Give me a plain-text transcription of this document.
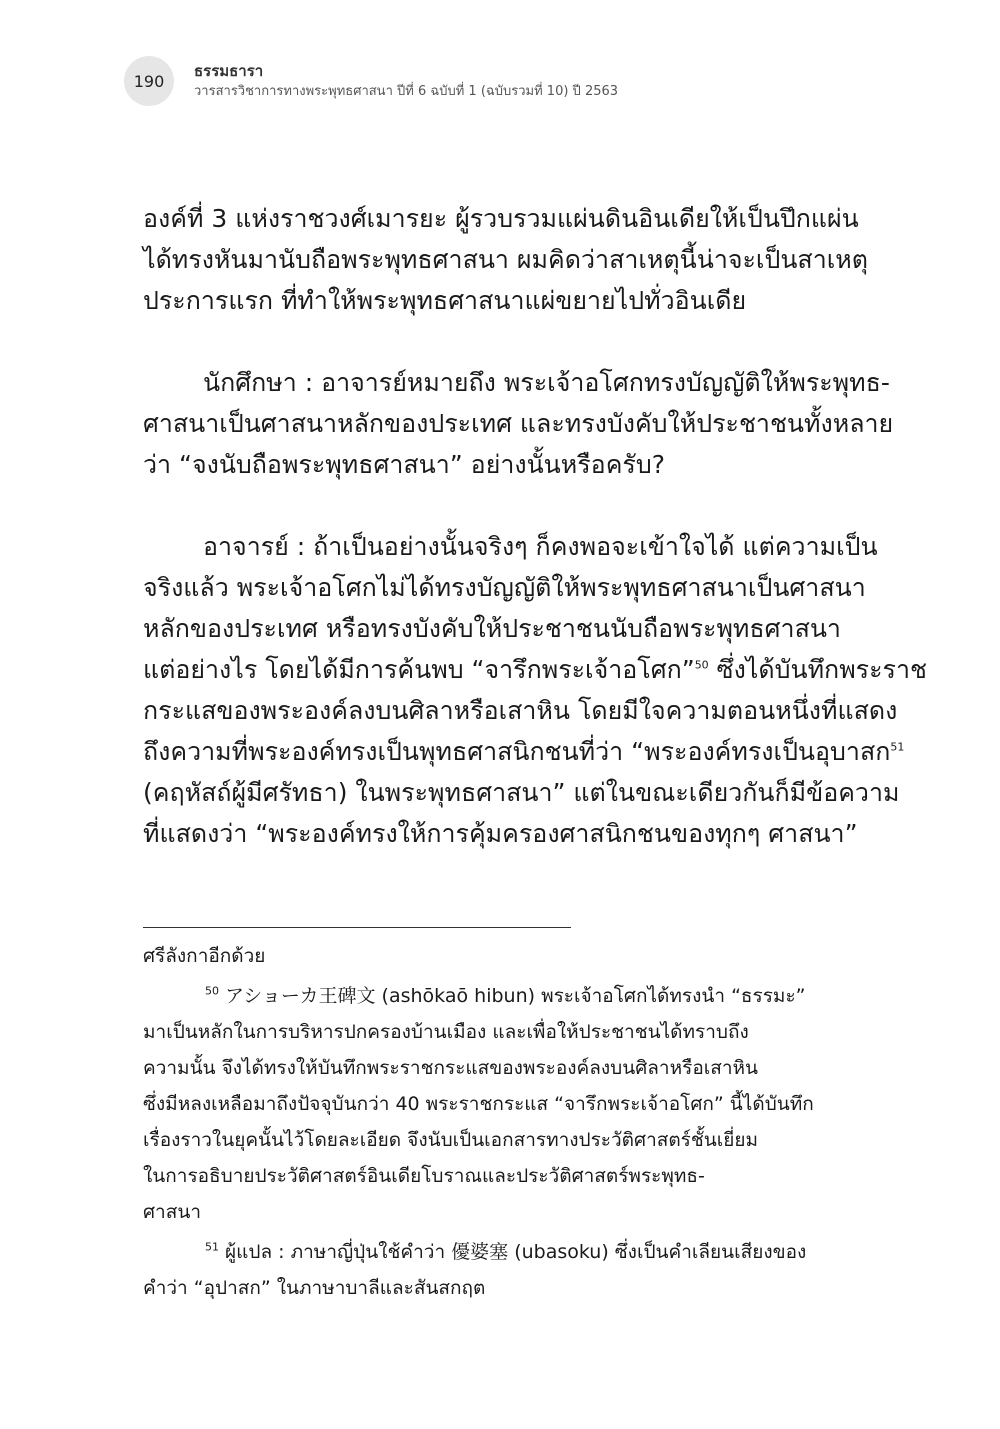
190
ธรรมธารา
วารสารวิชาการทางพระพุทธศาสนา ปีที่ 6 ฉบับที่ 1 (ฉบับรวมที่ 10) ปี 2563

องค์ที่ 3 แห่งราชวงศ์เมารยะ ผู้รวบรวมแผ่นดินอินเดียให้เป็นปึกแผ่น
ได้ทรงหันมานับถือพระพุทธศาสนา ผมคิดว่าสาเหตุนี้น่าจะเป็นสาเหตุ
ประการแรก ที่ทำให้พระพุทธศาสนาแผ่ขยายไปทั่วอินเดีย

นักศึกษา : อาจารย์หมายถึง พระเจ้าอโศกทรงบัญญัติให้พระพุทธ-
ศาสนาเป็นศาสนาหลักของประเทศ และทรงบังคับให้ประชาชนทั้งหลาย
ว่า “จงนับถือพระพุทธศาสนา” อย่างนั้นหรือครับ?

อาจารย์ : ถ้าเป็นอย่างนั้นจริงๆ ก็คงพอจะเข้าใจได้ แต่ความเป็น
จริงแล้ว พระเจ้าอโศกไม่ได้ทรงบัญญัติให้พระพุทธศาสนาเป็นศาสนา
หลักของประเทศ หรือทรงบังคับให้ประชาชนนับถือพระพุทธศาสนา
แต่อย่างไร โดยได้มีการค้นพบ “จารึกพระเจ้าอโศก”$^{50}$ ซึ่งได้บันทึกพระราช
กระแสของพระองค์ลงบนศิลาหรือเสาหิน โดยมีใจความตอนหนึ่งที่แสดง
ถึงความที่พระองค์ทรงเป็นพุทธศาสนิกชนที่ว่า “พระองค์ทรงเป็นอุบาสก$^{51}$
(คฤหัสถ์ผู้มีศรัทธา) ในพระพุทธศาสนา” แต่ในขณะเดียวกันก็มีข้อความ
ที่แสดงว่า “พระองค์ทรงให้การคุ้มครองศาสนิกชนของทุกๆ ศาสนา”

ศรีลังกาอีกด้วย

$^{50}$ アショーカ王碑文 (ashōkaō hibun) พระเจ้าอโศกได้ทรงนำ “ธรรมะ”
มาเป็นหลักในการบริหารปกครองบ้านเมือง และเพื่อให้ประชาชนได้ทราบถึง
ความนั้น จึงได้ทรงให้บันทึกพระราชกระแสของพระองค์ลงบนศิลาหรือเสาหิน
ซึ่งมีหลงเหลือมาถึงปัจจุบันกว่า 40 พระราชกระแส “จารึกพระเจ้าอโศก” นี้ได้บันทึก
เรื่องราวในยุคนั้นไว้โดยละเอียด จึงนับเป็นเอกสารทางประวัติศาสตร์ชั้นเยี่ยม
ในการอธิบายประวัติศาสตร์อินเดียโบราณและประวัติศาสตร์พระพุทธ-
ศาสนา

$^{51}$ ผู้แปล : ภาษาญี่ปุ่นใช้คำว่า 優婆塞 (ubasoku) ซึ่งเป็นคำเลียนเสียงของ
คำว่า “อุปาสก” ในภาษาบาลีและสันสกฤต
